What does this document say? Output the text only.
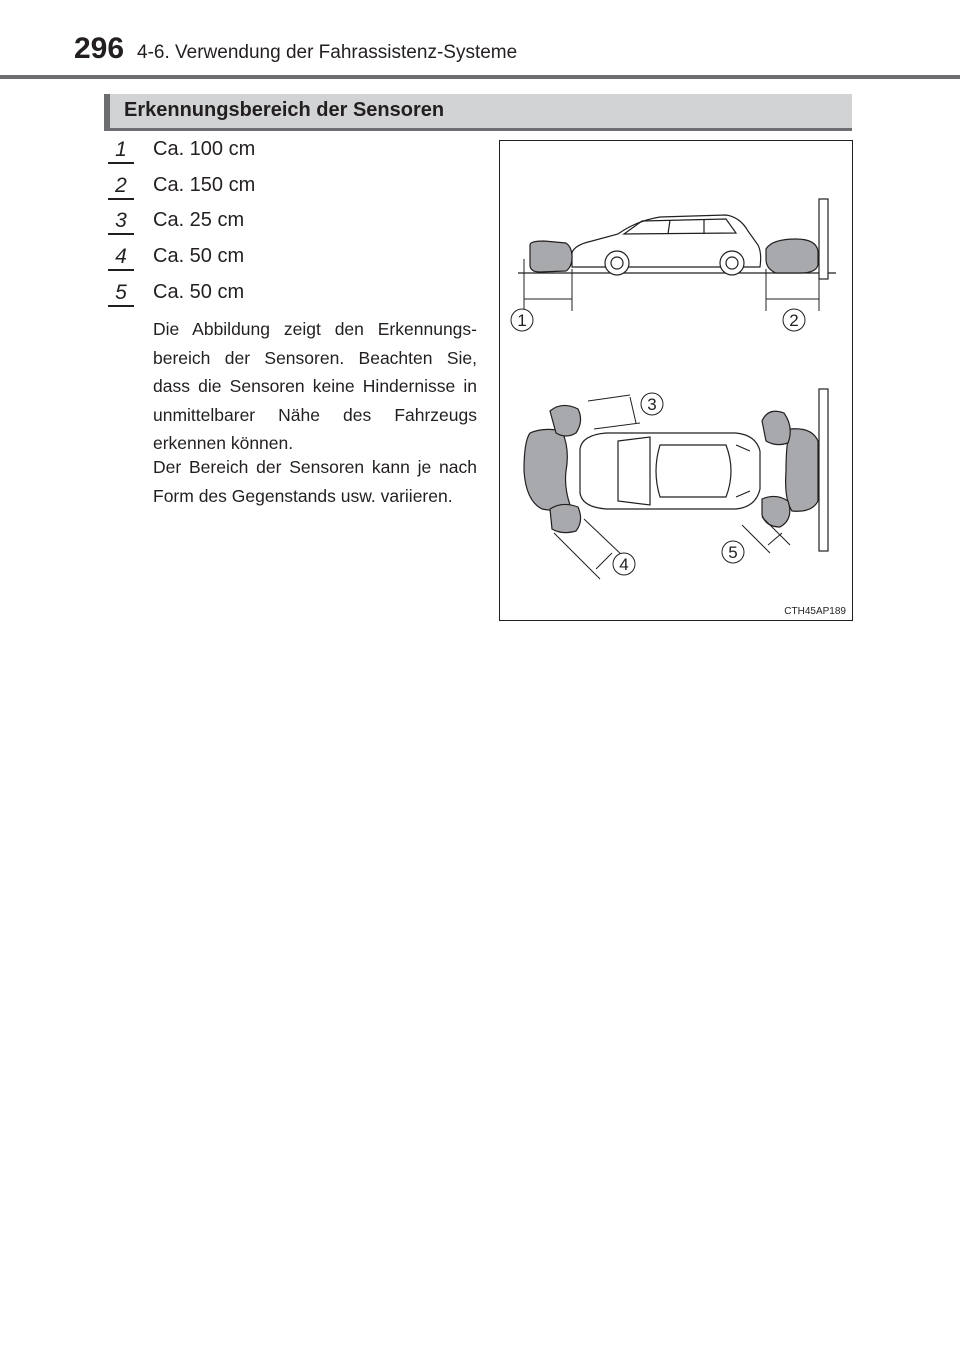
296 4-6. Verwendung der Fahrassistenz-Systeme
Erkennungsbereich der Sensoren
1	Ca. 100 cm
2	Ca. 150 cm
3	Ca. 25 cm
4	Ca. 50 cm
5	Ca. 50 cm
Die Abbildung zeigt den Erkennungs-bereich der Sensoren. Beachten Sie, dass die Sensoren keine Hindernisse in unmittelbarer Nähe des Fahrzeugs erkennen können.
Der Bereich der Sensoren kann je nach Form des Gegenstands usw. variieren.
1	2
3
4
5
CTH45AP189
